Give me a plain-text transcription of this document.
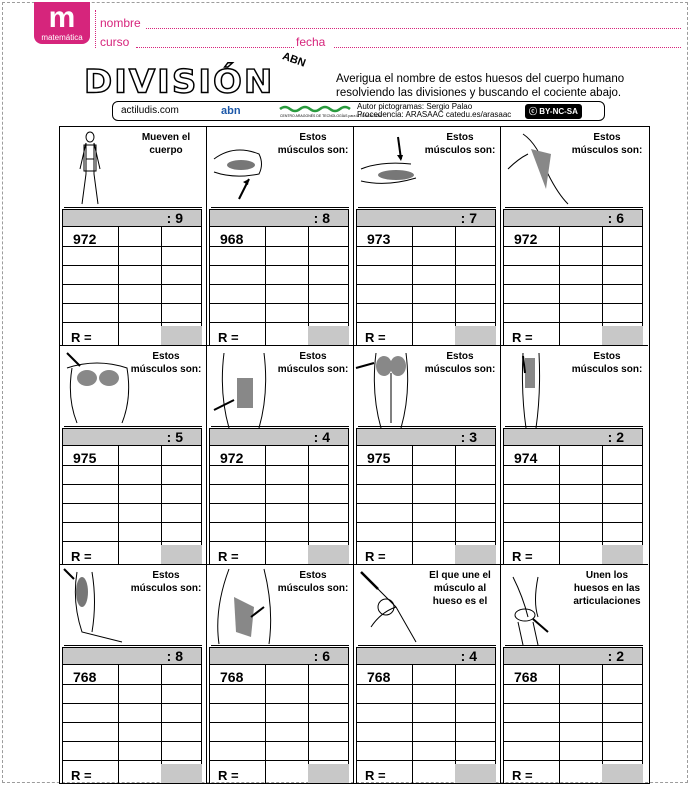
m
matemática
nombre
curso	fecha
DIVISIÓN
ABN
Averigua el nombre de estos huesos del cuerpo humano resolviendo las divisiones y buscando el cociente abajo.
actiludis.com	abn	CENTRO ARAGONÉS DE TECNOLOGÍAS para la EDUCACIÓN
Autor pictogramas: Sergio Palao
Procedencia: ARASAAC catedu.es/arasaac	ⓒ BY-NC-SA
Mueven el cuerpo
: 9
972
R =
Estos músculos son:
: 8
968
R =
Estos músculos son:
: 7
973
R =
Estos músculos son:
: 6
972
R =
Estos músculos son:
: 5
975
R =
Estos músculos son:
: 4
972
R =
Estos músculos son:
: 3
975
R =
Estos músculos son:
: 2
974
R =
Estos músculos son:
: 8
768
R =
Estos músculos son:
: 6
768
R =
El que une el músculo al hueso es el
: 4
768
R =
Unen los huesos en las articulaciones
: 2
768
R =
